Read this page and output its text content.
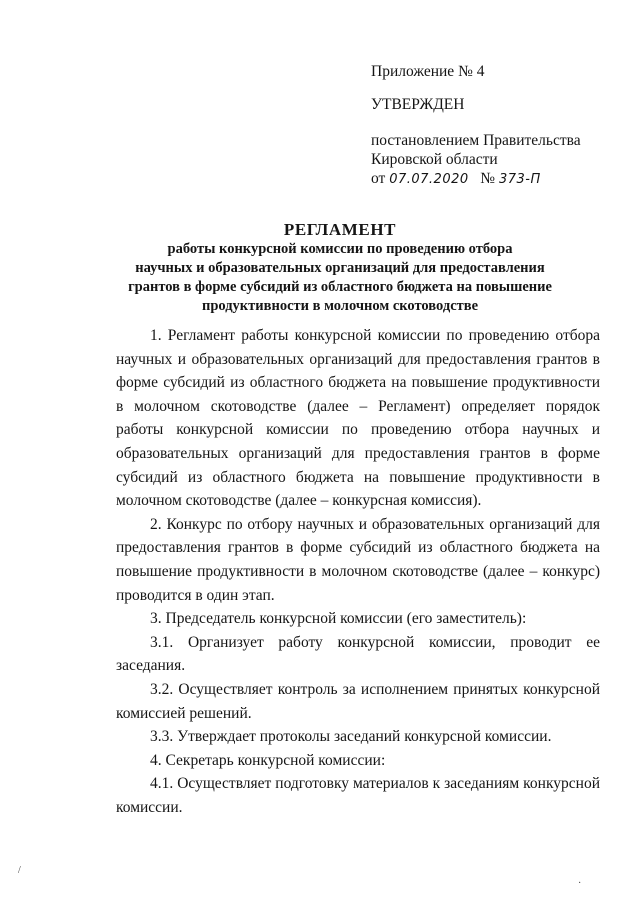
Приложение № 4
УТВЕРЖДЕН
постановлением Правительства
Кировской области
от 07.07.2020 № 373-П
РЕГЛАМЕНТ
работы конкурсной комиссии по проведению отбора
научных и образовательных организаций для предоставления
грантов в форме субсидий из областного бюджета на повышение
продуктивности в молочном скотоводстве

1. Регламент работы конкурсной комиссии по проведению отбора научных и образовательных организаций для предоставления грантов в форме субсидий из областного бюджета на повышение продуктивности в молочном скотоводстве (далее – Регламент) определяет порядок работы конкурсной комиссии по проведению отбора научных и образовательных организаций для предоставления грантов в форме субсидий из областного бюджета на повышение продуктивности в молочном скотоводстве (далее – конкурсная комиссия).

2. Конкурс по отбору научных и образовательных организаций для предоставления грантов в форме субсидий из областного бюджета на повышение продуктивности в молочном скотоводстве (далее – конкурс) проводится в один этап.

3. Председатель конкурсной комиссии (его заместитель):

3.1. Организует работу конкурсной комиссии, проводит ее заседания.

3.2. Осуществляет контроль за исполнением принятых конкурсной комиссией решений.

3.3. Утверждает протоколы заседаний конкурсной комиссии.

4. Секретарь конкурсной комиссии:

4.1. Осуществляет подготовку материалов к заседаниям конкурсной комиссии.

/
·
